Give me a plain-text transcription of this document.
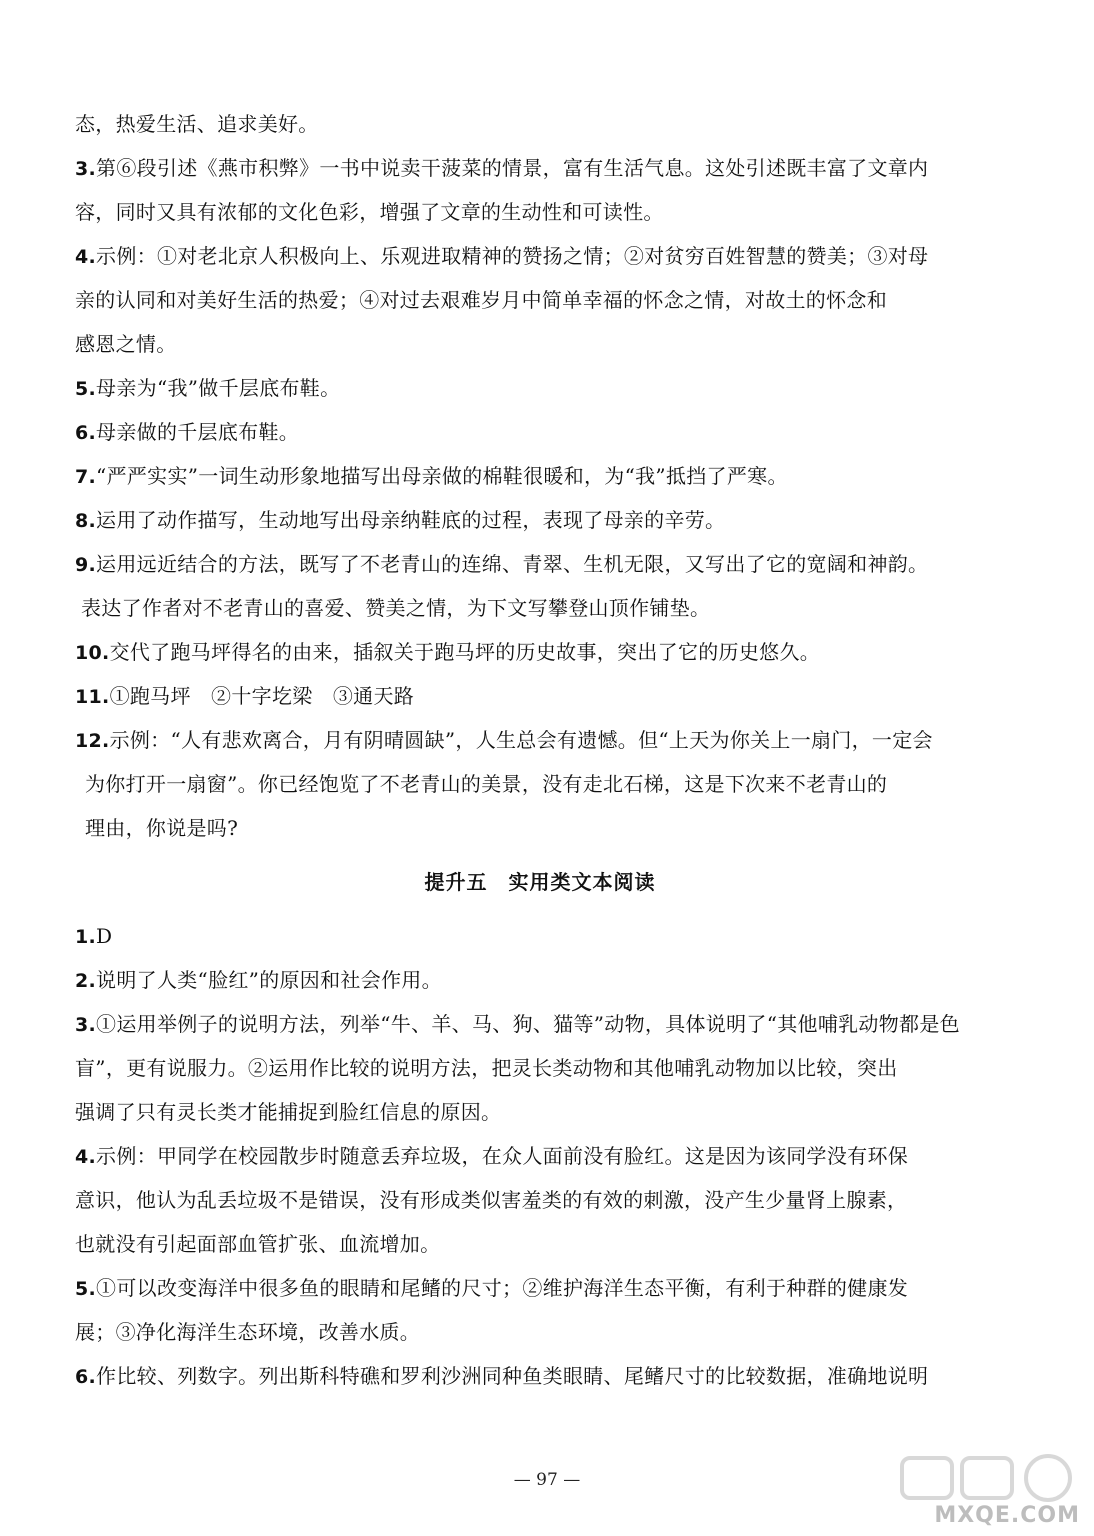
态，热爱生活、追求美好。
3.第⑥段引述《燕市积弊》一书中说卖干菠菜的情景，富有生活气息。这处引述既丰富了文章内
容，同时又具有浓郁的文化色彩，增强了文章的生动性和可读性。
4.示例：①对老北京人积极向上、乐观进取精神的赞扬之情；②对贫穷百姓智慧的赞美；③对母
亲的认同和对美好生活的热爱；④对过去艰难岁月中简单幸福的怀念之情，对故土的怀念和
感恩之情。
5.母亲为“我”做千层底布鞋。
6.母亲做的千层底布鞋。
7.“严严实实”一词生动形象地描写出母亲做的棉鞋很暖和，为“我”抵挡了严寒。
8.运用了动作描写，生动地写出母亲纳鞋底的过程，表现了母亲的辛劳。
9.运用远近结合的方法，既写了不老青山的连绵、青翠、生机无限，又写出了它的宽阔和神韵。
表达了作者对不老青山的喜爱、赞美之情，为下文写攀登山顶作铺垫。
10.交代了跑马坪得名的由来，插叙关于跑马坪的历史故事，突出了它的历史悠久。
11.①跑马坪　②十字圪梁　③通天路
12.示例：“人有悲欢离合，月有阴晴圆缺”，人生总会有遗憾。但“上天为你关上一扇门，一定会
为你打开一扇窗”。你已经饱览了不老青山的美景，没有走北石梯，这是下次来不老青山的
理由，你说是吗?
提升五　实用类文本阅读
1.D
2.说明了人类“脸红”的原因和社会作用。
3.①运用举例子的说明方法，列举“牛、羊、马、狗、猫等”动物，具体说明了“其他哺乳动物都是色
盲”，更有说服力。②运用作比较的说明方法，把灵长类动物和其他哺乳动物加以比较，突出
强调了只有灵长类才能捕捉到脸红信息的原因。
4.示例：甲同学在校园散步时随意丢弃垃圾，在众人面前没有脸红。这是因为该同学没有环保
意识，他认为乱丢垃圾不是错误，没有形成类似害羞类的有效的刺激，没产生少量肾上腺素，
也就没有引起面部血管扩张、血流增加。
5.①可以改变海洋中很多鱼的眼睛和尾鳍的尺寸；②维护海洋生态平衡，有利于种群的健康发
展；③净化海洋生态环境，改善水质。
6.作比较、列数字。列出斯科特礁和罗利沙洲同种鱼类眼睛、尾鳍尺寸的比较数据，准确地说明
— 97 —
MXQE.COM
